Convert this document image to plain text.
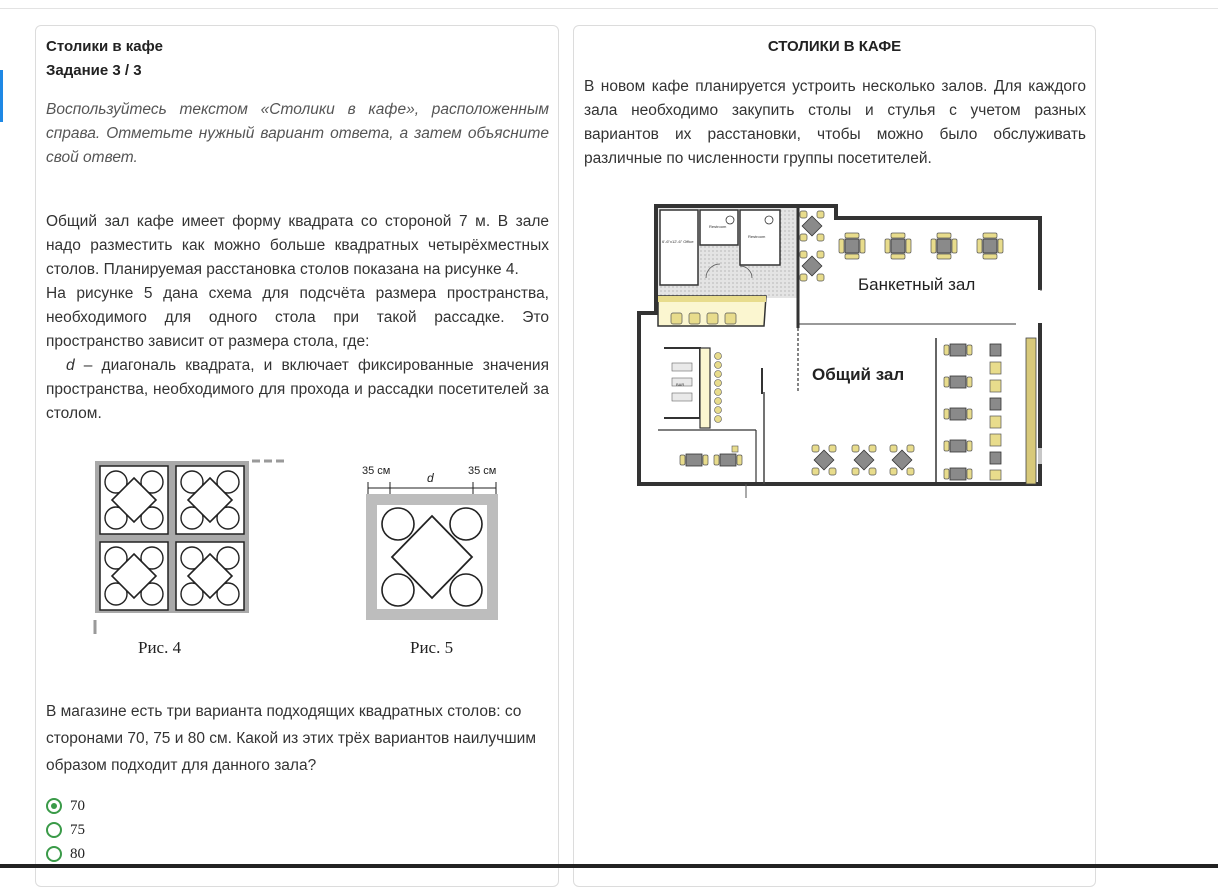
Столики в кафе
Задание 3 / 3

Воспользуйтесь текстом «Столики в кафе», расположенным справа. Отметьте нужный вариант ответа, а затем объясните свой ответ.

Общий зал кафе имеет форму квадрата со стороной 7 м. В зале надо разместить как можно больше квадратных четырёхместных столов. Планируемая расстановка столов показана на рисунке 4.

На рисунке 5 дана схема для подсчёта размера пространства, необходимого для одного стола при такой рассадке. Это пространство зависит от размера стола, где:

d – диагональ квадрата, и включает фиксированные значения пространства, необходимого для прохода и рассадки посетителей за столом.

Рис. 4
35 см	35 см
d
Рис. 5

В магазине есть три варианта подходящих квадратных столов: со сторонами 70, 75 и 80 см. Какой из этих трёх вариантов наилучшим образом подходит для данного зала?

70
75
80
СТОЛИКИ В КАФЕ

В новом кафе планируется устроить несколько залов. Для каждого зала необходимо закупить столы и стулья с учетом разных вариантов их расстановки, чтобы можно было обслуживать различные по численности группы посетителей.

6'-6"x12'-6" Office
Restroom
Restroom
BAR
Банкетный зал
Общий зал
